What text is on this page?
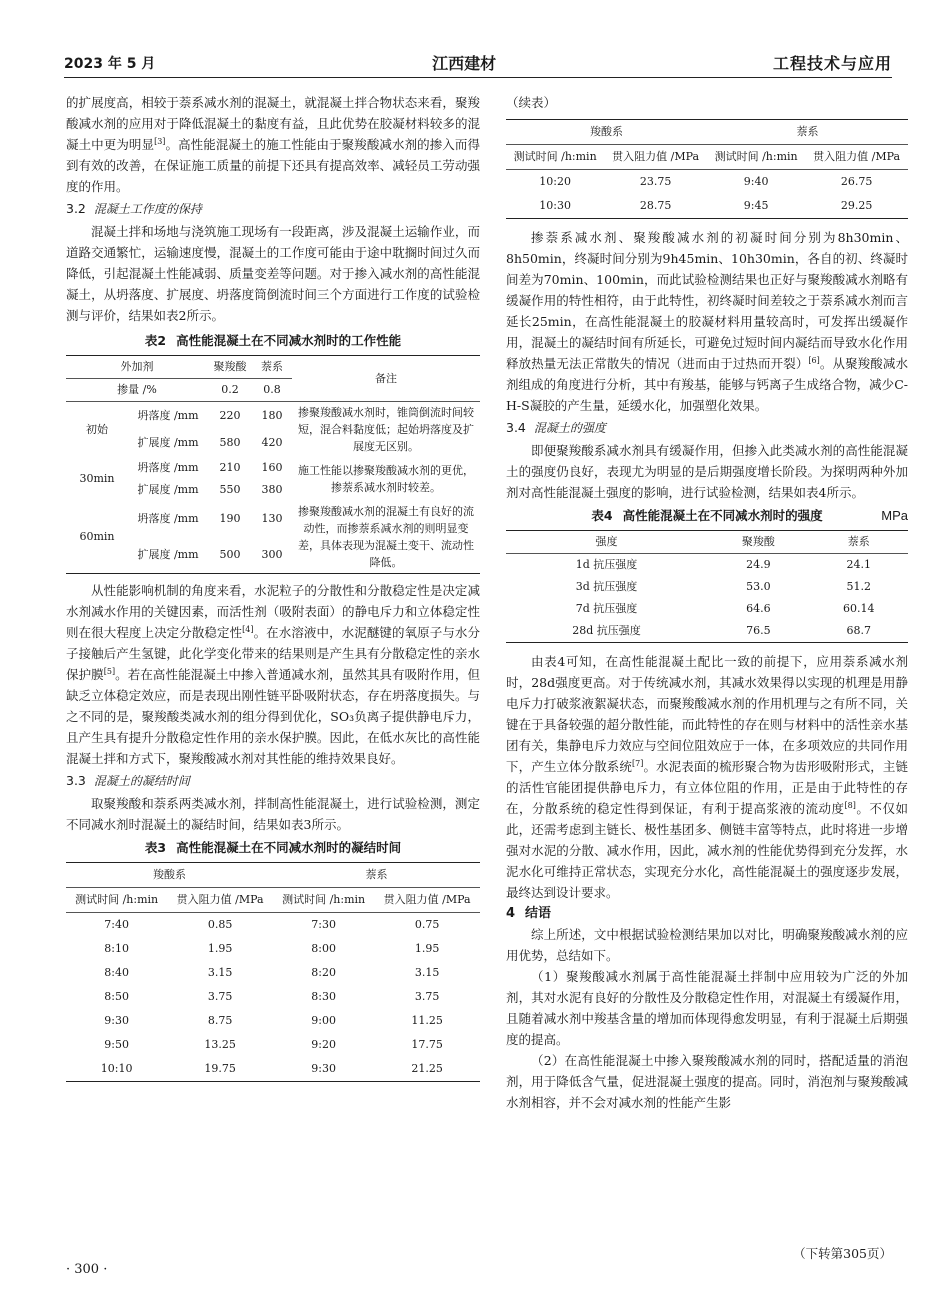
2023 年 5 月	江西建材	工程技术与应用

的扩展度高，相较于萘系减水剂的混凝土，就混凝土拌合物状态来看，聚羧酸减水剂的应用对于降低混凝土的黏度有益，且此优势在胶凝材料较多的混凝土中更为明显[3]。高性能混凝土的施工性能由于聚羧酸减水剂的掺入而得到有效的改善，在保证施工质量的前提下还具有提高效率、减轻员工劳动强度的作用。

3.2 混凝土工作度的保持

混凝土拌和场地与浇筑施工现场有一段距离，涉及混凝土运输作业，而道路交通繁忙，运输速度慢，混凝土的工作度可能由于途中耽搁时间过久而降低，引起混凝土性能减弱、质量变差等问题。对于掺入减水剂的高性能混凝土，从坍落度、扩展度、坍落度筒倒流时间三个方面进行工作度的试验检测与评价，结果如表2所示。

表2 高性能混凝土在不同减水剂时的工作性能
外加剂		聚羧酸	萘系	备注
掺量 /%		0.2	0.8	
初始	坍落度 /mm	220	180	掺聚羧酸减水剂时，锥筒倒流时间较短，混合料黏度低；起始坍落度及扩展度无区别。
	扩展度 /mm	580	420	
30min	坍落度 /mm	210	160	施工性能以掺聚羧酸减水剂的更优，掺萘系减水剂时较差。
	扩展度 /mm	550	380	
60min	坍落度 /mm	190	130	掺聚羧酸减水剂的混凝土有良好的流动性，而掺萘系减水剂的则明显变差，具体表现为混凝土变干、流动性降低。
	扩展度 /mm	500	300	

从性能影响机制的角度来看，水泥粒子的分散性和分散稳定性是决定减水剂减水作用的关键因素，而活性剂（吸附表面）的静电斥力和立体稳定性则在很大程度上决定分散稳定性[4]。在水溶液中，水泥醚键的氧原子与水分子接触后产生氢键，此化学变化带来的结果则是产生具有分散稳定性的亲水保护膜[5]。若在高性能混凝土中掺入普通减水剂，虽然其具有吸附作用，但缺乏立体稳定效应，而是表现出刚性链平卧吸附状态，存在坍落度损失。与之不同的是，聚羧酸类减水剂的组分得到优化，SO₃负离子提供静电斥力，且产生具有提升分散稳定性作用的亲水保护膜。因此，在低水灰比的高性能混凝土拌和方式下，聚羧酸减水剂对其性能的维持效果良好。

3.3 混凝土的凝结时间

取聚羧酸和萘系两类减水剂，拌制高性能混凝土，进行试验检测，测定不同减水剂时混凝土的凝结时间，结果如表3所示。

表3 高性能混凝土在不同减水剂时的凝结时间
羧酸系		萘系	
测试时间 /h:min	贯入阻力值 /MPa	测试时间 /h:min	贯入阻力值 /MPa
7:40	0.85	7:30	0.75
8:10	1.95	8:00	1.95
8:40	3.15	8:20	3.15
8:50	3.75	8:30	3.75
9:30	8.75	9:00	11.25
9:50	13.25	9:20	17.75
10:10	19.75	9:30	21.25
（续表）
羧酸系		萘系	
测试时间 /h:min	贯入阻力值 /MPa	测试时间 /h:min	贯入阻力值 /MPa
10:20	23.75	9:40	26.75
10:30	28.75	9:45	29.25

掺萘系减水剂、聚羧酸减水剂的初凝时间分别为8h30min、8h50min，终凝时间分别为9h45min、10h30min，各自的初、终凝时间差为70min、100min，而此试验检测结果也正好与聚羧酸减水剂略有缓凝作用的特性相符，由于此特性，初终凝时间差较之于萘系减水剂而言延长25min，在高性能混凝土的胶凝材料用量较高时，可发挥出缓凝作用，混凝土的凝结时间有所延长，可避免过短时间内凝结而导致水化作用释放热量无法正常散失的情况（进而由于过热而开裂）[6]。从聚羧酸减水剂组成的角度进行分析，其中有羧基，能够与钙离子生成络合物，减少C-H-S凝胶的产生量，延缓水化，加强塑化效果。

3.4 混凝土的强度

即便聚羧酸系减水剂具有缓凝作用，但掺入此类减水剂的高性能混凝土的强度仍良好，表现尤为明显的是后期强度增长阶段。为探明两种外加剂对高性能混凝土强度的影响，进行试验检测，结果如表4所示。

表4 高性能混凝土在不同减水剂时的强度	MPa
强度	聚羧酸	萘系
1d 抗压强度	24.9	24.1
3d 抗压强度	53.0	51.2
7d 抗压强度	64.6	60.14
28d 抗压强度	76.5	68.7

由表4可知，在高性能混凝土配比一致的前提下，应用萘系减水剂时，28d强度更高。对于传统减水剂，其减水效果得以实现的机理是用静电斥力打破浆液絮凝状态，而聚羧酸减水剂的作用机理与之有所不同，关键在于具备较强的超分散性能，而此特性的存在则与材料中的活性亲水基团有关，集静电斥力效应与空间位阻效应于一体，在多项效应的共同作用下，产生立体分散系统[7]。水泥表面的梳形聚合物为齿形吸附形式，主链的活性官能团提供静电斥力，有立体位阻的作用，正是由于此特性的存在，分散系统的稳定性得到保证，有利于提高浆液的流动度[8]。不仅如此，还需考虑到主链长、极性基团多、侧链丰富等特点，此时将进一步增强对水泥的分散、减水作用，因此，减水剂的性能优势得到充分发挥，水泥水化可维持正常状态，实现充分水化，高性能混凝土的强度逐步发展，最终达到设计要求。

4 结语

综上所述，文中根据试验检测结果加以对比，明确聚羧酸减水剂的应用优势，总结如下。

（1）聚羧酸减水剂属于高性能混凝土拌制中应用较为广泛的外加剂，其对水泥有良好的分散性及分散稳定性作用，对混凝土有缓凝作用，且随着减水剂中羧基含量的增加而体现得愈发明显，有利于混凝土后期强度的提高。

（2）在高性能混凝土中掺入聚羧酸减水剂的同时，搭配适量的消泡剂，用于降低含气量，促进混凝土强度的提高。同时，消泡剂与聚羧酸减水剂相容，并不会对减水剂的性能产生影

（下转第305页）
· 300 ·
